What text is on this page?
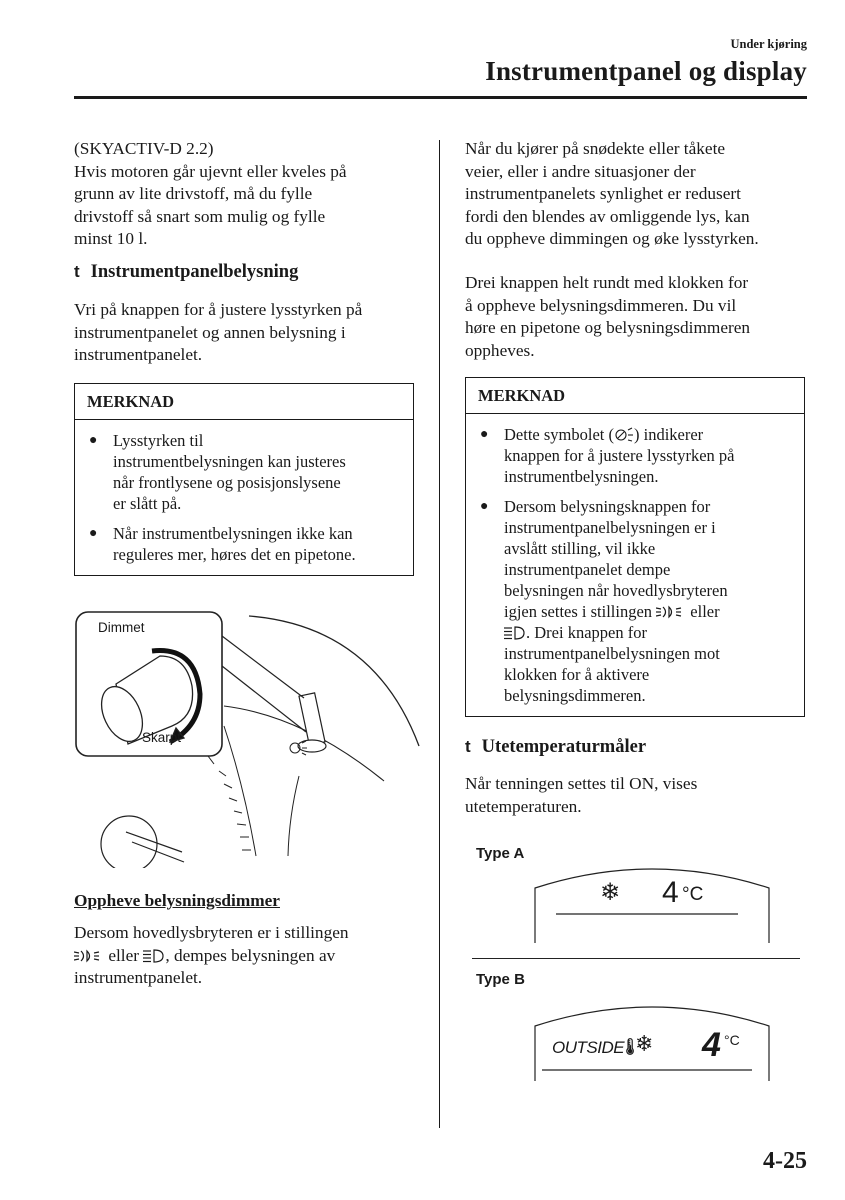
Under kjøring
Instrumentpanel og display

(SKYACTIV-D 2.2)

Hvis motoren går ujevnt eller kveles på

grunn av lite drivstoff, må du fylle

drivstoff så snart som mulig og fylle

minst 10 l.

t Instrumentpanelbelysning

Vri på knappen for å justere lysstyrken på

instrumentpanelet og annen belysning i

instrumentpanelet.

MERKNAD
● Lysstyrken til
instrumentbelysningen kan justeres
når frontlysene og posisjonslysene
er slått på.
● Når instrumentbelysningen ikke kan
reguleres mer, høres det en pipetone.
Dimmet
Skarpt
Oppheve belysningsdimmer

Dersom hovedlysbryteren er i stillingen

eller , dempes belysningen av

instrumentpanelet.

Når du kjører på snødekte eller tåkete

veier, eller i andre situasjoner der

instrumentpanelets synlighet er redusert

fordi den blendes av omliggende lys, kan

du oppheve dimmingen og øke lysstyrken.

Drei knappen helt rundt med klokken for

å oppheve belysningsdimmeren. Du vil

høre en pipetone og belysningsdimmeren

oppheves.

MERKNAD
● Dette symbolet ( ) indikerer
knappen for å justere lysstyrken på
instrumentbelysningen.
● Dersom belysningsknappen for
instrumentpanelbelysningen er i
avslått stilling, vil ikke
instrumentpanelet dempe
belysningen når hovedlysbryteren
igjen settes i stillingen eller
. Drei knappen for
instrumentpanelbelysningen mot
klokken for å aktivere
belysningsdimmeren.
t Utetemperaturmåler

Når tenningen settes til ON, vises

utetemperaturen.

Type A
❄ 4 °C
Type B
OUTSIDE
🌡︎
❄ 4 °C
4-25
